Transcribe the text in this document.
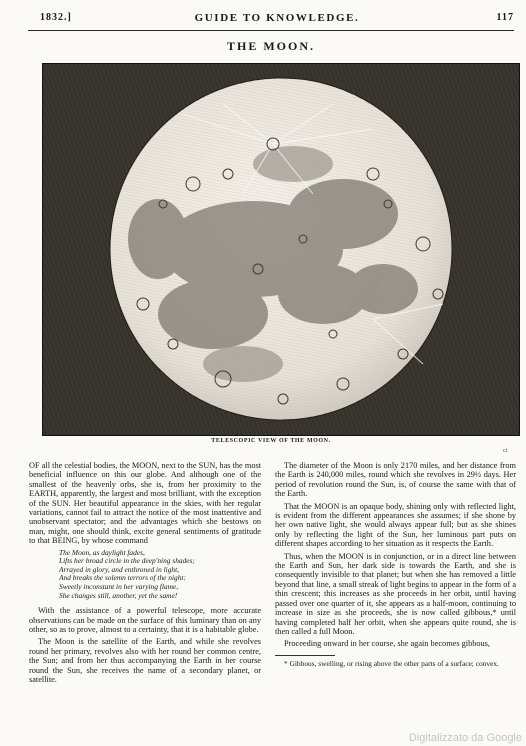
1832.]	GUIDE TO KNOWLEDGE.	117
THE MOON.
TELESCOPIC VIEW OF THE MOON.
ct

OF all the celestial bodies, the MOON, next to the SUN, has the most beneficial influence on this our globe. And although one of the smallest of the heavenly orbs, she is, from her proximity to the EARTH, apparently, the largest and most brilliant, with the exception of the SUN. Her beautiful appearance in the skies, with her regular variations, cannot fail to attract the notice of the most inattentive and unobservant spectator; and the advantages which she bestows on man, might, one should think, excite general sentiments of gratitude to that BEING, by whose command

The Moon, as daylight fades,
Lifts her broad circle in the deep'ning shades;
Arrayed in glory, and enthroned in light,
And breaks the solemn terrors of the night:
Sweetly inconstant in her varying flame,
She changes still, another, yet the same!

With the assistance of a powerful telescope, more accurate observations can be made on the surface of this luminary than on any other, so as to prove, almost to a certainty, that it is a habitable globe.

The Moon is the satellite of the Earth, and while she revolves round her primary, revolves also with her round her common centre, the Sun; and from her thus accompanying the Earth in her course round the Sun, she receives the name of a secondary planet, or satellite.

The diameter of the Moon is only 2170 miles, and her distance from the Earth is 240,000 miles, round which she revolves in 29½ days. Her period of revolution round the Sun, is, of course the same with that of the Earth.

That the MOON is an opaque body, shining only with reflected light, is evident from the different appearances she assumes; if she shone by her own native light, she would always appear full; but as she shines only by reflecting the light of the Sun, her luminous part puts on different shapes according to her situation as it respects the Earth.

Thus, when the MOON is in conjunction, or in a direct line between the Earth and Sun, her dark side is towards the Earth, and she is consequently invisible to that planet; but when she has removed a little beyond that line, a small streak of light begins to appear in the form of a thin crescent; this increases as she proceeds in her orbit, until having passed over one quarter of it, she appears as a half-moon, continuing to increase in size as she proceeds, she is now called gibbous,* until having completed half her orbit, when she appears quite round, she is then called a full Moon.

Proceeding onward in her course, she again becomes gibbous,

* Gibbous, swelling, or rising above the other parts of a surface; convex.

Digitalizzato da Google
